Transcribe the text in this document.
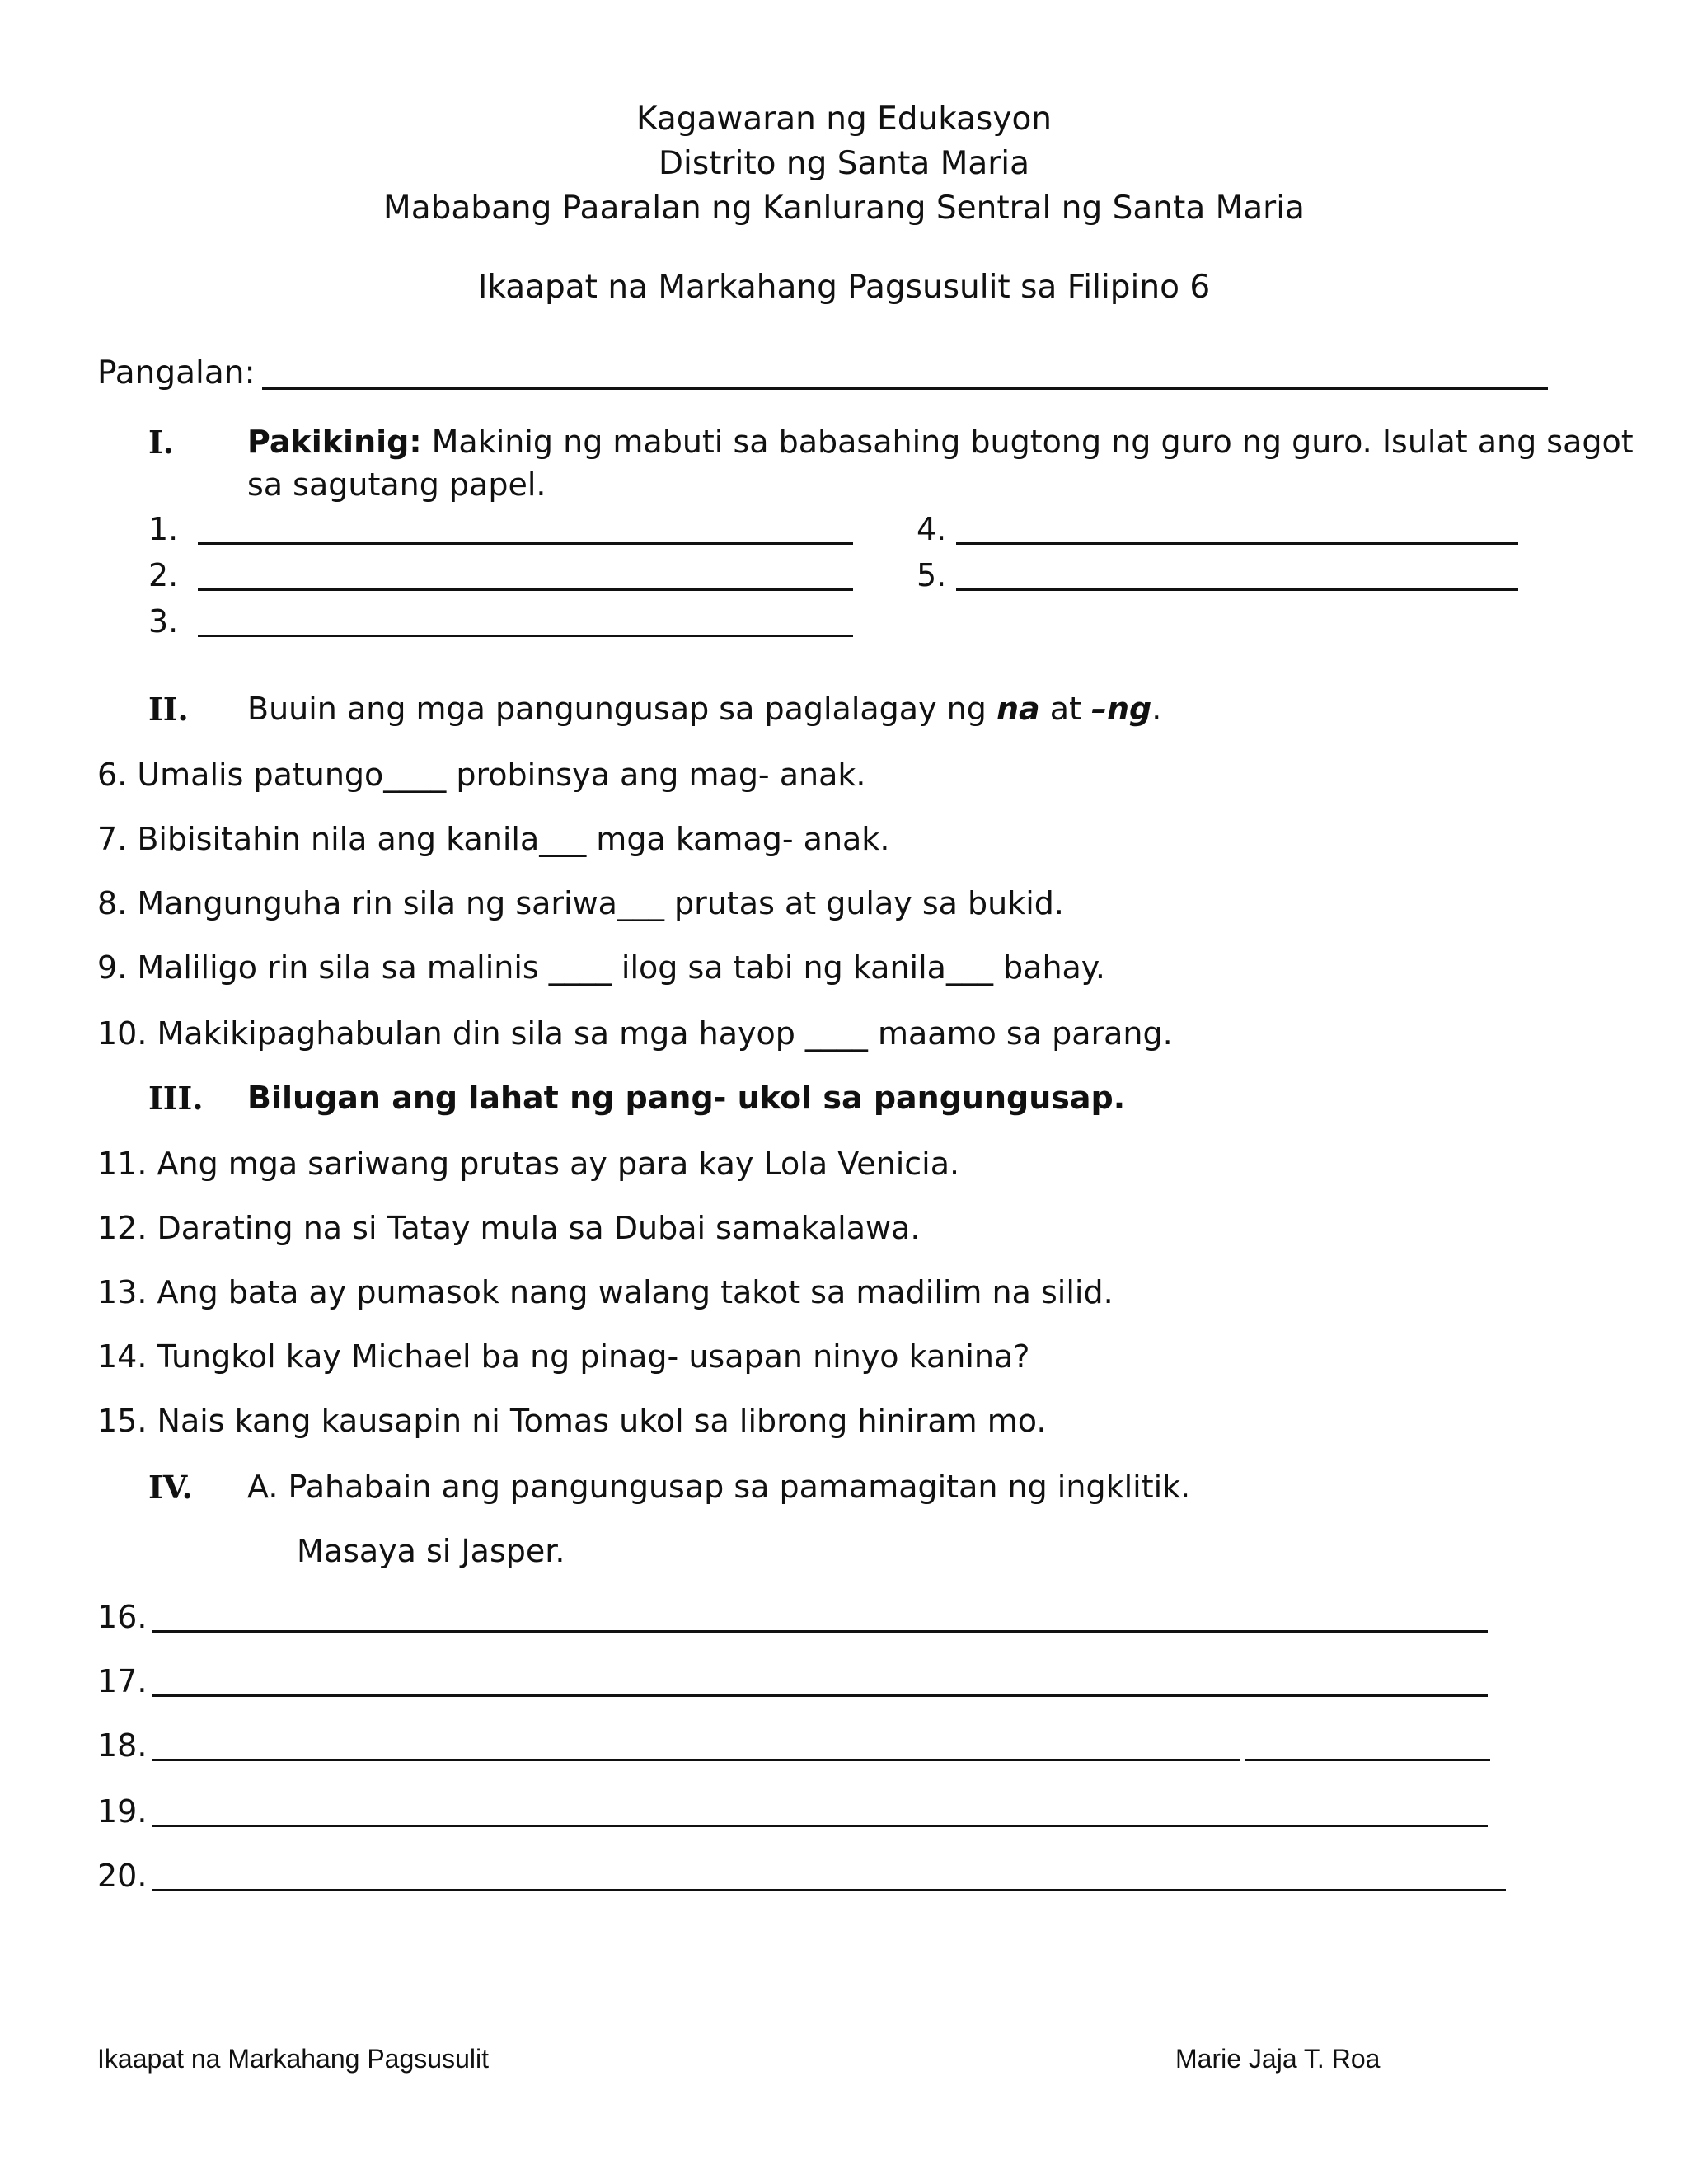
Kagawaran ng Edukasyon
Distrito ng Santa Maria
Mababang Paaralan ng Kanlurang Sentral ng Santa Maria
Ikaapat na Markahang Pagsusulit sa Filipino 6
Pangalan:
I. Pakikinig: Makinig ng mabuti sa babasahing bugtong ng guro ng guro. Isulat ang sagot
sa sagutang papel.
1.
2.
3.
4.
5.
II. Buuin ang mga pangungusap sa paglalagay ng na at –ng.
6. Umalis patungo____ probinsya ang mag- anak.
7. Bibisitahin nila ang kanila___ mga kamag- anak.
8. Mangunguha rin sila ng sariwa___ prutas at gulay sa bukid.
9. Maliligo rin sila sa malinis ____ ilog sa tabi ng kanila___ bahay.
10. Makikipaghabulan din sila sa mga hayop ____ maamo sa parang.
III. Bilugan ang lahat ng pang- ukol sa pangungusap.
11. Ang mga sariwang prutas ay para kay Lola Venicia.
12. Darating na si Tatay mula sa Dubai samakalawa.
13. Ang bata ay pumasok nang walang takot sa madilim na silid.
14. Tungkol kay Michael ba ng pinag- usapan ninyo kanina?
15. Nais kang kausapin ni Tomas ukol sa librong hiniram mo.
IV. A. Pahabain ang pangungusap sa pamamagitan ng ingklitik.
Masaya si Jasper.
16.
17.
18.
19.
20.
Ikaapat na Markahang Pagsusulit	Marie Jaja T. Roa
